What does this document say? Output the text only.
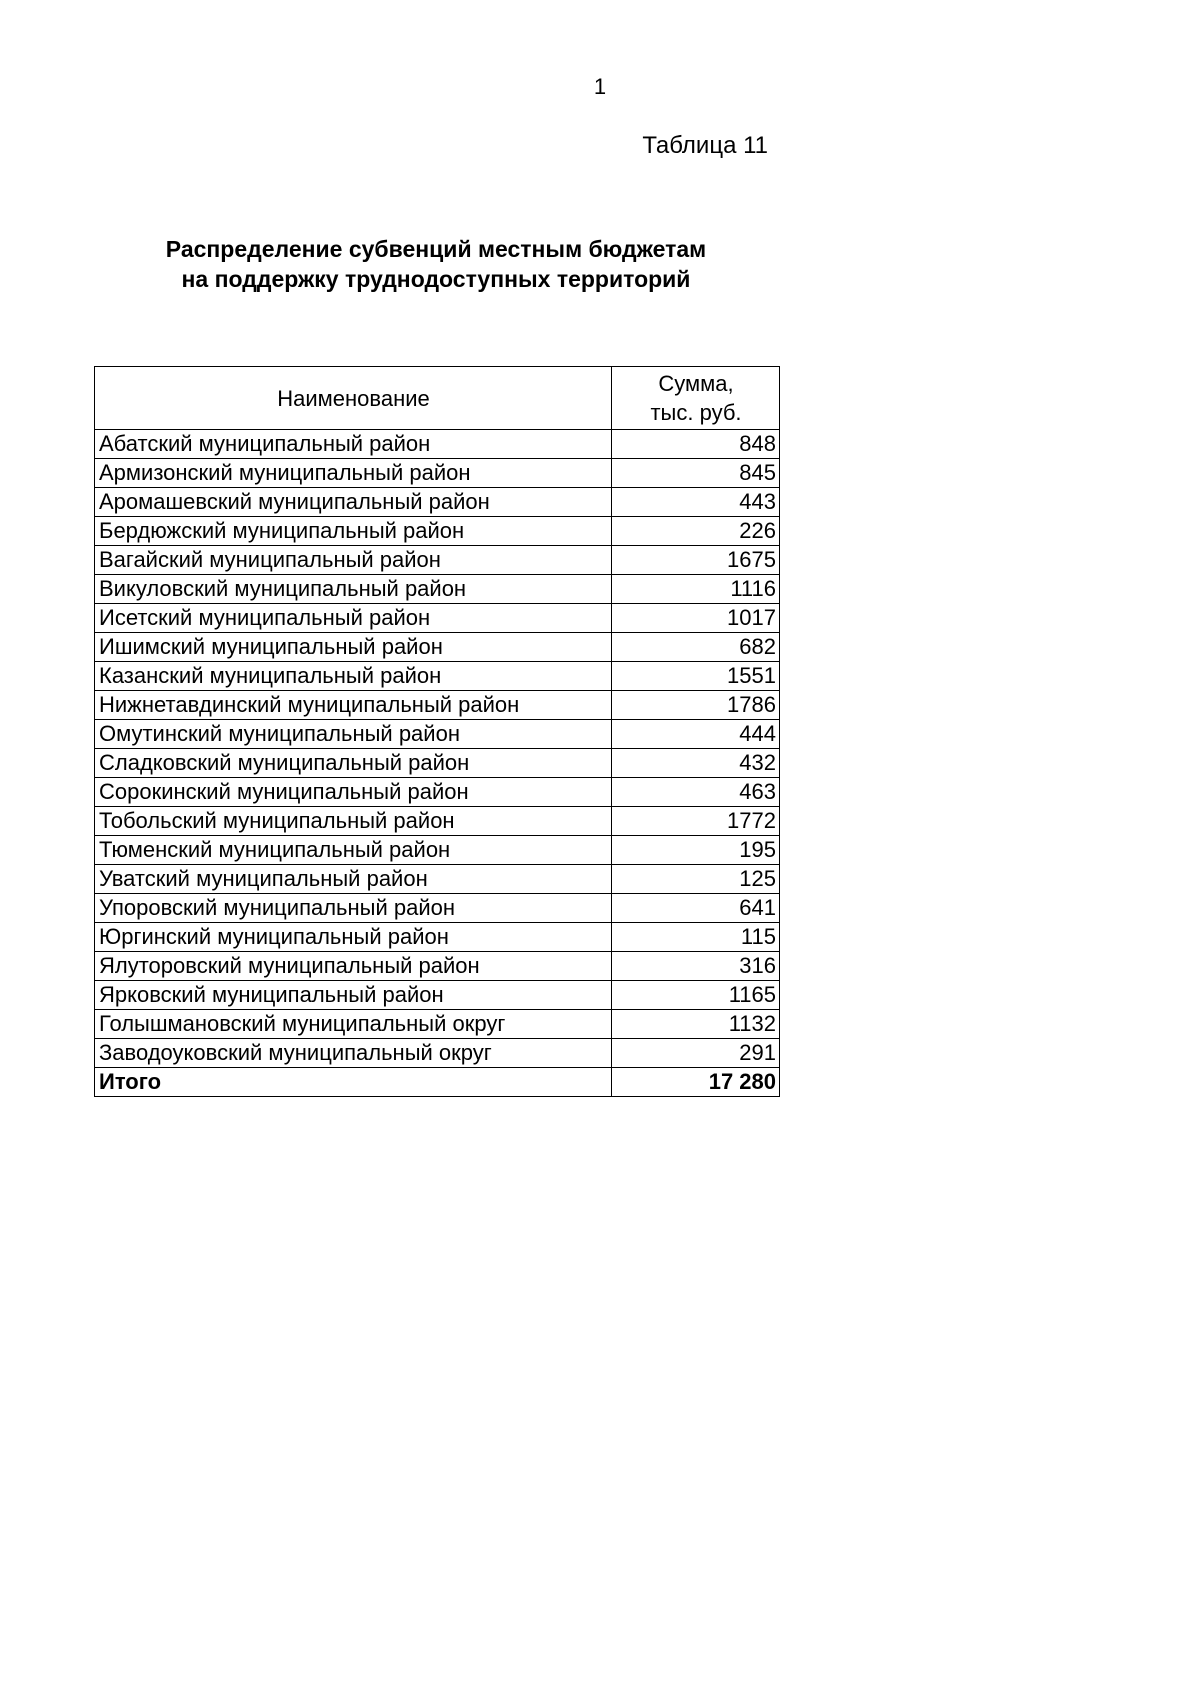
1
Таблица 11
Распределение субвенций местным бюджетам
на поддержку труднодоступных территорий
Наименование	Сумма,
тыс. руб.

Абатский муниципальный район	848
Армизонский муниципальный район	845
Аромашевский муниципальный район	443
Бердюжский муниципальный район	226
Вагайский муниципальный район	1675
Викуловский муниципальный район	1116
Исетский муниципальный район	1017
Ишимский муниципальный район	682
Казанский муниципальный район	1551
Нижнетавдинский муниципальный район	1786
Омутинский муниципальный район	444
Сладковский муниципальный район	432
Сорокинский муниципальный район	463
Тобольский муниципальный район	1772
Тюменский муниципальный район	195
Уватский муниципальный район	125
Упоровский муниципальный район	641
Юргинский муниципальный район	115
Ялуторовский муниципальный район	316
Ярковский муниципальный район	1165
Голышмановский муниципальный округ	1132
Заводоуковский муниципальный округ	291
Итого	17 280
